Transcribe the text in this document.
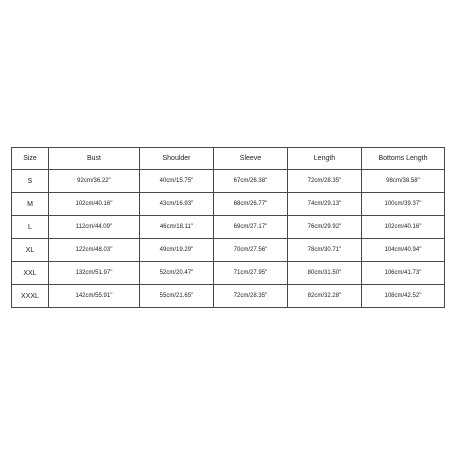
Size	Bust	Shoulder	Sleeve	Length	Bottoms Length
S	92cm/36.22''	40cm/15.75''	67cm/26.38''	72cm/28.35''	98cm/38.58''
M	102cm/40.16''	43cm/16.93''	68cm/26.77''	74cm/29.13''	100cm/39.37''
L	112cm/44.09''	46cm/18.11''	69cm/27.17''	76cm/29.92''	102cm/40.16''
XL	122cm/48.03''	49cm/19.29''	70cm/27.56''	78cm/30.71''	104cm/40.94''
XXL	132cm/51.97''	52cm/20.47''	71cm/27.95''	80cm/31.50''	106cm/41.73''
XXXL	142cm/55.91''	55cm/21.65''	72cm/28.35''	82cm/32.28''	108cm/42.52''
